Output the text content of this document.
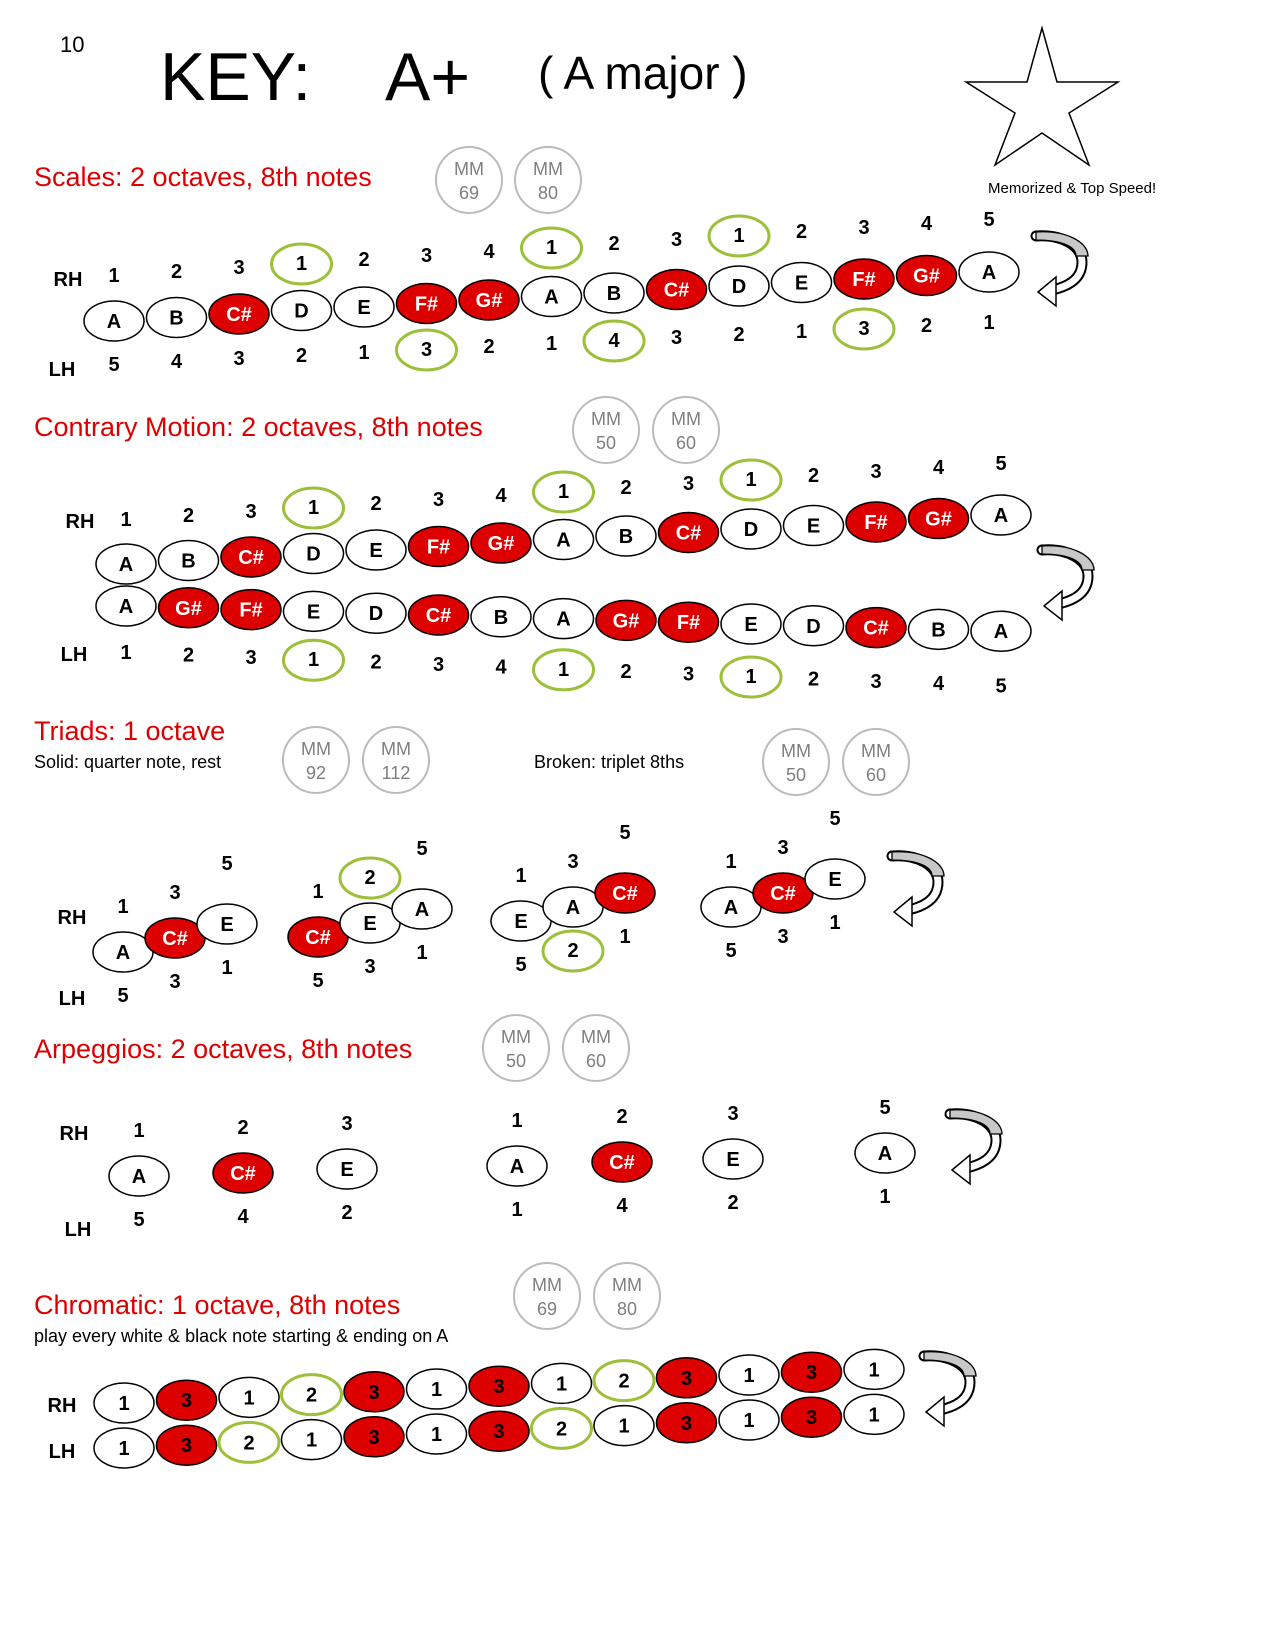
10 KEY: A+ ( A major )
Memorized & Top Speed!
Scales: 2 octaves, 8th notes
Contrary Motion: 2 octaves, 8th notes
Triads: 1 octave
Solid: quarter note, rest	Broken: triplet 8ths
Arpeggios: 2 octaves, 8th notes
Chromatic: 1 octave, 8th notes
play every white & black note starting & ending on A
MM
69
MM
80
RH
LH
A
1
5
B
2
4
C#
3
3
D
1
2
E
2
1
F#
3
3
G#
4
2
A
1
1
B
2
4
C#
3
3
D
1
2
E
2
1
F#
3
3
G#
4
2
A
5
1
MM
50
MM
60
RH
LH
A
1
B
2
C#
3
D
1
E
2
F#
3
G#
4
A
1
B
2
C#
3
D
1
E
2
F#
3
G#
4
A
5
A
1
G#
2
F#
3
E
1
D
2
C#
3
B
4
A
1
G#
2
F#
3
E
1
D
2
C#
3
B
4
A
5
MM
92
MM
112
MM
50
MM
60
RH
LH
A
1
5
C#
3
3
E
5
1
C#
1
5
E
2
3
A
5
1
E
1
5
A
3
2
C#
5
1
A
1
5
C#
3
3
E
5
1
MM
50
MM
60
RH
LH
A
1
5
C#
2
4
E
3
2
A
1
1
C#
2
4
E
3
2
A
5
1
MM
69
MM
80
RH
LH
1	3	1	2	3	1	3	1	2	3	1	3	1
1	3	2	1	3	1	3	2	1	3	1	3	1
